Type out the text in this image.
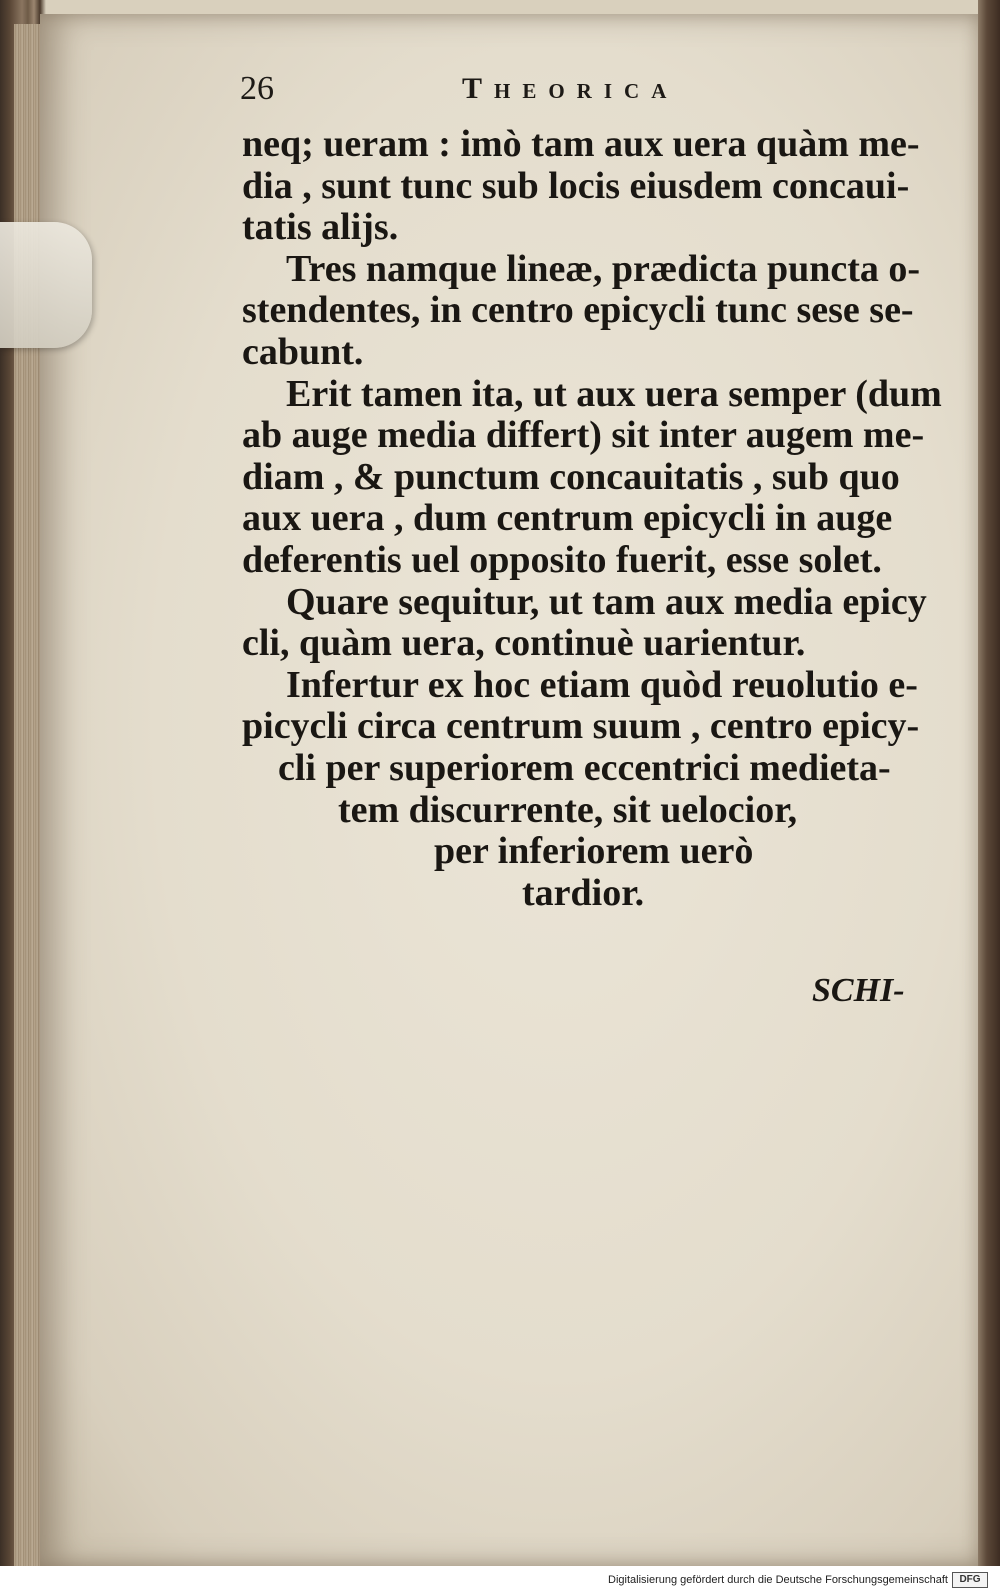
26	Theorica
neq; ueram : imò tam aux uera quàm me-
dia , sunt tunc sub locis eiusdem concaui-
tatis alijs.
Tres namque lineæ, prædicta puncta o-
stendentes, in centro epicycli tunc sese se-
cabunt.
Erit tamen ita, ut aux uera semper (dum
ab auge media differt) sit inter augem me-
diam , & punctum concauitatis , sub quo
aux uera , dum centrum epicycli in auge
deferentis uel opposito fuerit, esse solet.
Quare sequitur, ut tam aux media epicy
cli, quàm uera, continuè uarientur.
Infertur ex hoc etiam quòd reuolutio e-
picycli circa centrum suum , centro epicy-
cli per superiorem eccentrici medieta-
tem discurrente, sit uelocior,
per inferiorem uerò
tardior.
SCHI-
Digitalisierung gefördert durch die Deutsche Forschungsgemeinschaft	DFG
